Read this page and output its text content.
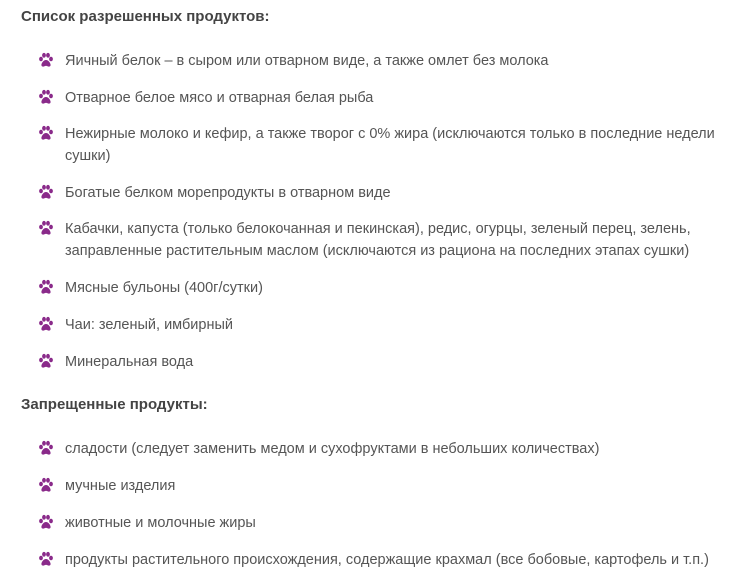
Список разрешенных продуктов:
Яичный белок – в сыром или отварном виде, а также омлет без молока
Отварное белое мясо и отварная белая рыба
Нежирные молоко и кефир, а также творог с 0% жира (исключаются только в последние недели сушки)
Богатые белком морепродукты в отварном виде
Кабачки, капуста (только белокочанная и пекинская), редис, огурцы, зеленый перец, зелень, заправленные растительным маслом (исключаются из рациона на последних этапах сушки)
Мясные бульоны (400г/сутки)
Чаи: зеленый, имбирный
Минеральная вода
Запрещенные продукты:
сладости (следует заменить медом и сухофруктами в небольших количествах)
мучные изделия
животные и молочные жиры
продукты растительного происхождения, содержащие крахмал (все бобовые, картофель и т.п.)
